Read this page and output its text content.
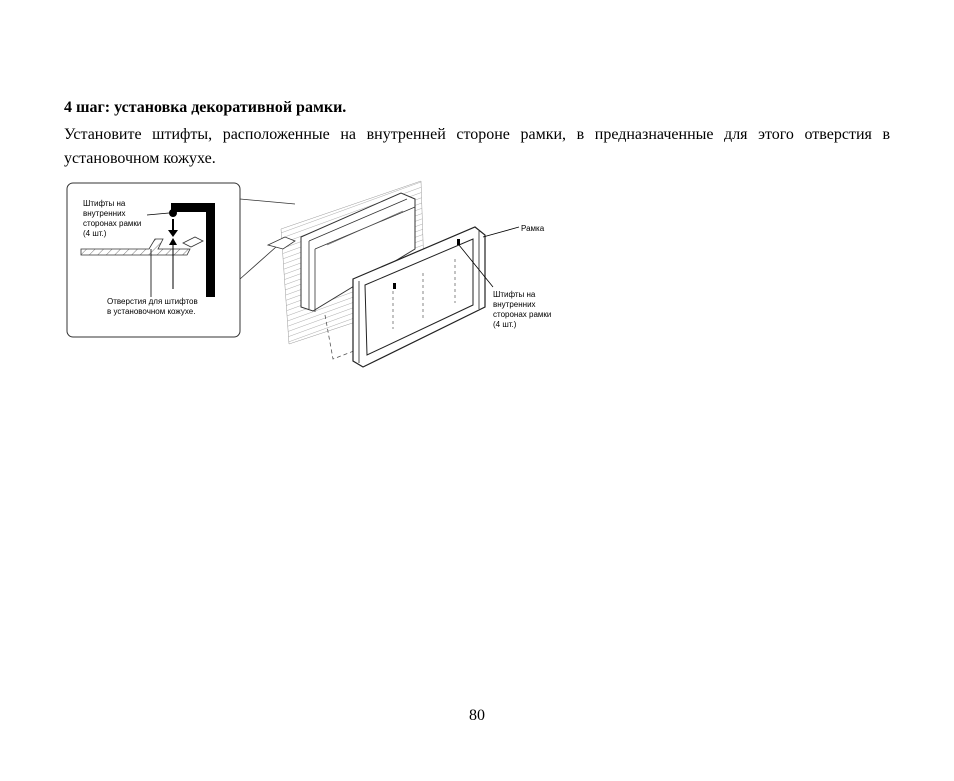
4 шаг: установка декоративной рамки.

Установите штифты, расположенные на внутренней стороне рамки, в предназначенные для этого отверстия в установочном кожухе.

Штифты на
внутренних
сторонах рамки
(4 шт.)
Отверстия для штифтов
в установочном кожухе.
Рамка
Штифты на
внутренних
сторонах рамки
(4 шт.)
80
